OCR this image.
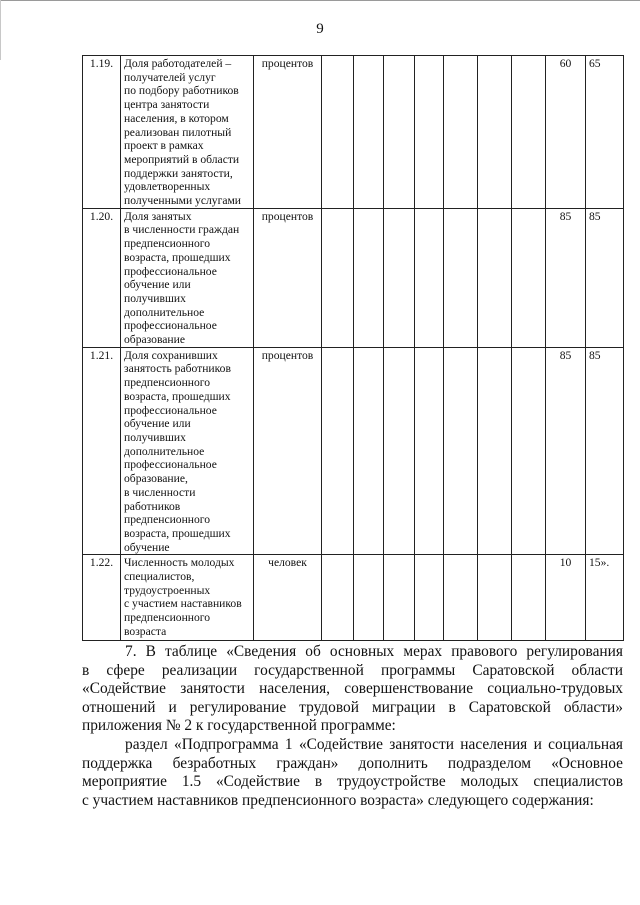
9
1.19.	Доля работодателей –
получателей услуг
по подбору работников
центра занятости
населения, в котором
реализован пилотный
проект в рамках
мероприятий в области
поддержки занятости,
удовлетворенных
полученными услугами
	процентов								60	65
1.20.	Доля занятых
в численности граждан
предпенсионного
возраста, прошедших
профессиональное
обучение или
получивших
дополнительное
профессиональное
образование
	процентов								85	85
1.21.	Доля сохранивших
занятость работников
предпенсионного
возраста, прошедших
профессиональное
обучение или
получивших
дополнительное
профессиональное
образование,
в численности
работников
предпенсионного
возраста, прошедших
обучение
	процентов								85	85
1.22.	Численность молодых
специалистов,
трудоустроенных
с участием наставников
предпенсионного
возраста
	человек								10	15».
7. В таблице «Сведения об основных мерах правового регулирования
в сфере реализации государственной программы Саратовской области
«Содействие занятости населения, совершенствование социально-трудовых
отношений и регулирование трудовой миграции в Саратовской области»
приложения № 2 к государственной программе:
раздел «Подпрограмма 1 «Содействие занятости населения и социальная
поддержка безработных граждан» дополнить подразделом «Основное
мероприятие 1.5 «Содействие в трудоустройстве молодых специалистов
с участием наставников предпенсионного возраста» следующего содержания:
